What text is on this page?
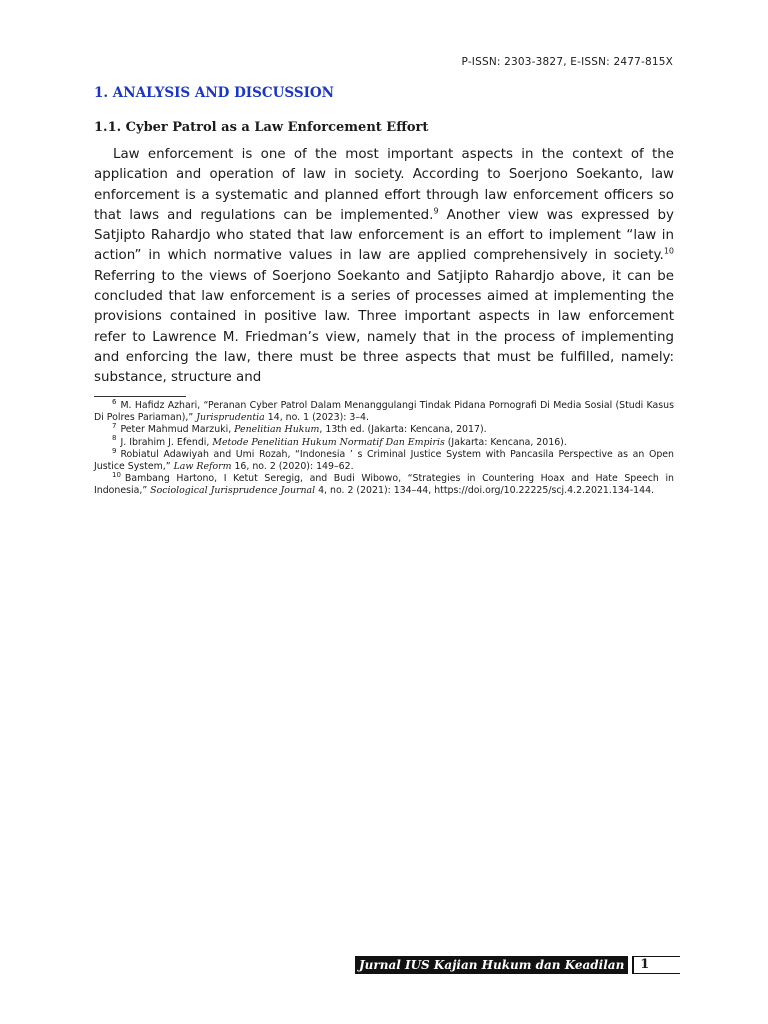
P-ISSN: 2303-3827, E-ISSN: 2477-815X
1. ANALYSIS AND DISCUSSION
1.1. Cyber Patrol as a Law Enforcement Effort

Law enforcement is one of the most important aspects in the context of the application and operation of law in society. According to Soerjono Soekanto, law enforcement is a systematic and planned effort through law enforcement officers so that laws and regulations can be implemented.$^9$ Another view was expressed by Satjipto Rahardjo who stated that law enforcement is an effort to implement “law in action” in which normative values in law are applied comprehensively in society.$^{10}$ Referring to the views of Soerjono Soekanto and Satjipto Rahardjo above, it can be concluded that law enforcement is a series of processes aimed at implementing the provisions contained in positive law. Three important aspects in law enforcement refer to Lawrence M. Friedman’s view, namely that in the process of implementing and enforcing the law, there must be three aspects that must be fulfilled, namely: substance, structure and

$^6$ M. Hafidz Azhari, “Peranan Cyber Patrol Dalam Menanggulangi Tindak Pidana Pornografi Di Media Sosial (Studi Kasus Di Polres Pariaman),” Jurisprudentia 14, no. 1 (2023): 3–4.

$^7$ Peter Mahmud Marzuki, Penelitian Hukum, 13th ed. (Jakarta: Kencana, 2017).

$^8$ J. Ibrahim J. Efendi, Metode Penelitian Hukum Normatif Dan Empiris (Jakarta: Kencana, 2016).

$^9$ Robiatul Adawiyah and Umi Rozah, “Indonesia ’ s Criminal Justice System with Pancasila Perspective as an Open Justice System,” Law Reform 16, no. 2 (2020): 149–62.

$^{10}$ Bambang Hartono, I Ketut Seregig, and Budi Wibowo, “Strategies in Countering Hoax and Hate Speech in Indonesia,” Sociological Jurisprudence Journal 4, no. 2 (2021): 134–44, https://doi.org/10.22225/scj.4.2.2021.134-144.

Jurnal IUS Kajian Hukum dan Keadilan	1
